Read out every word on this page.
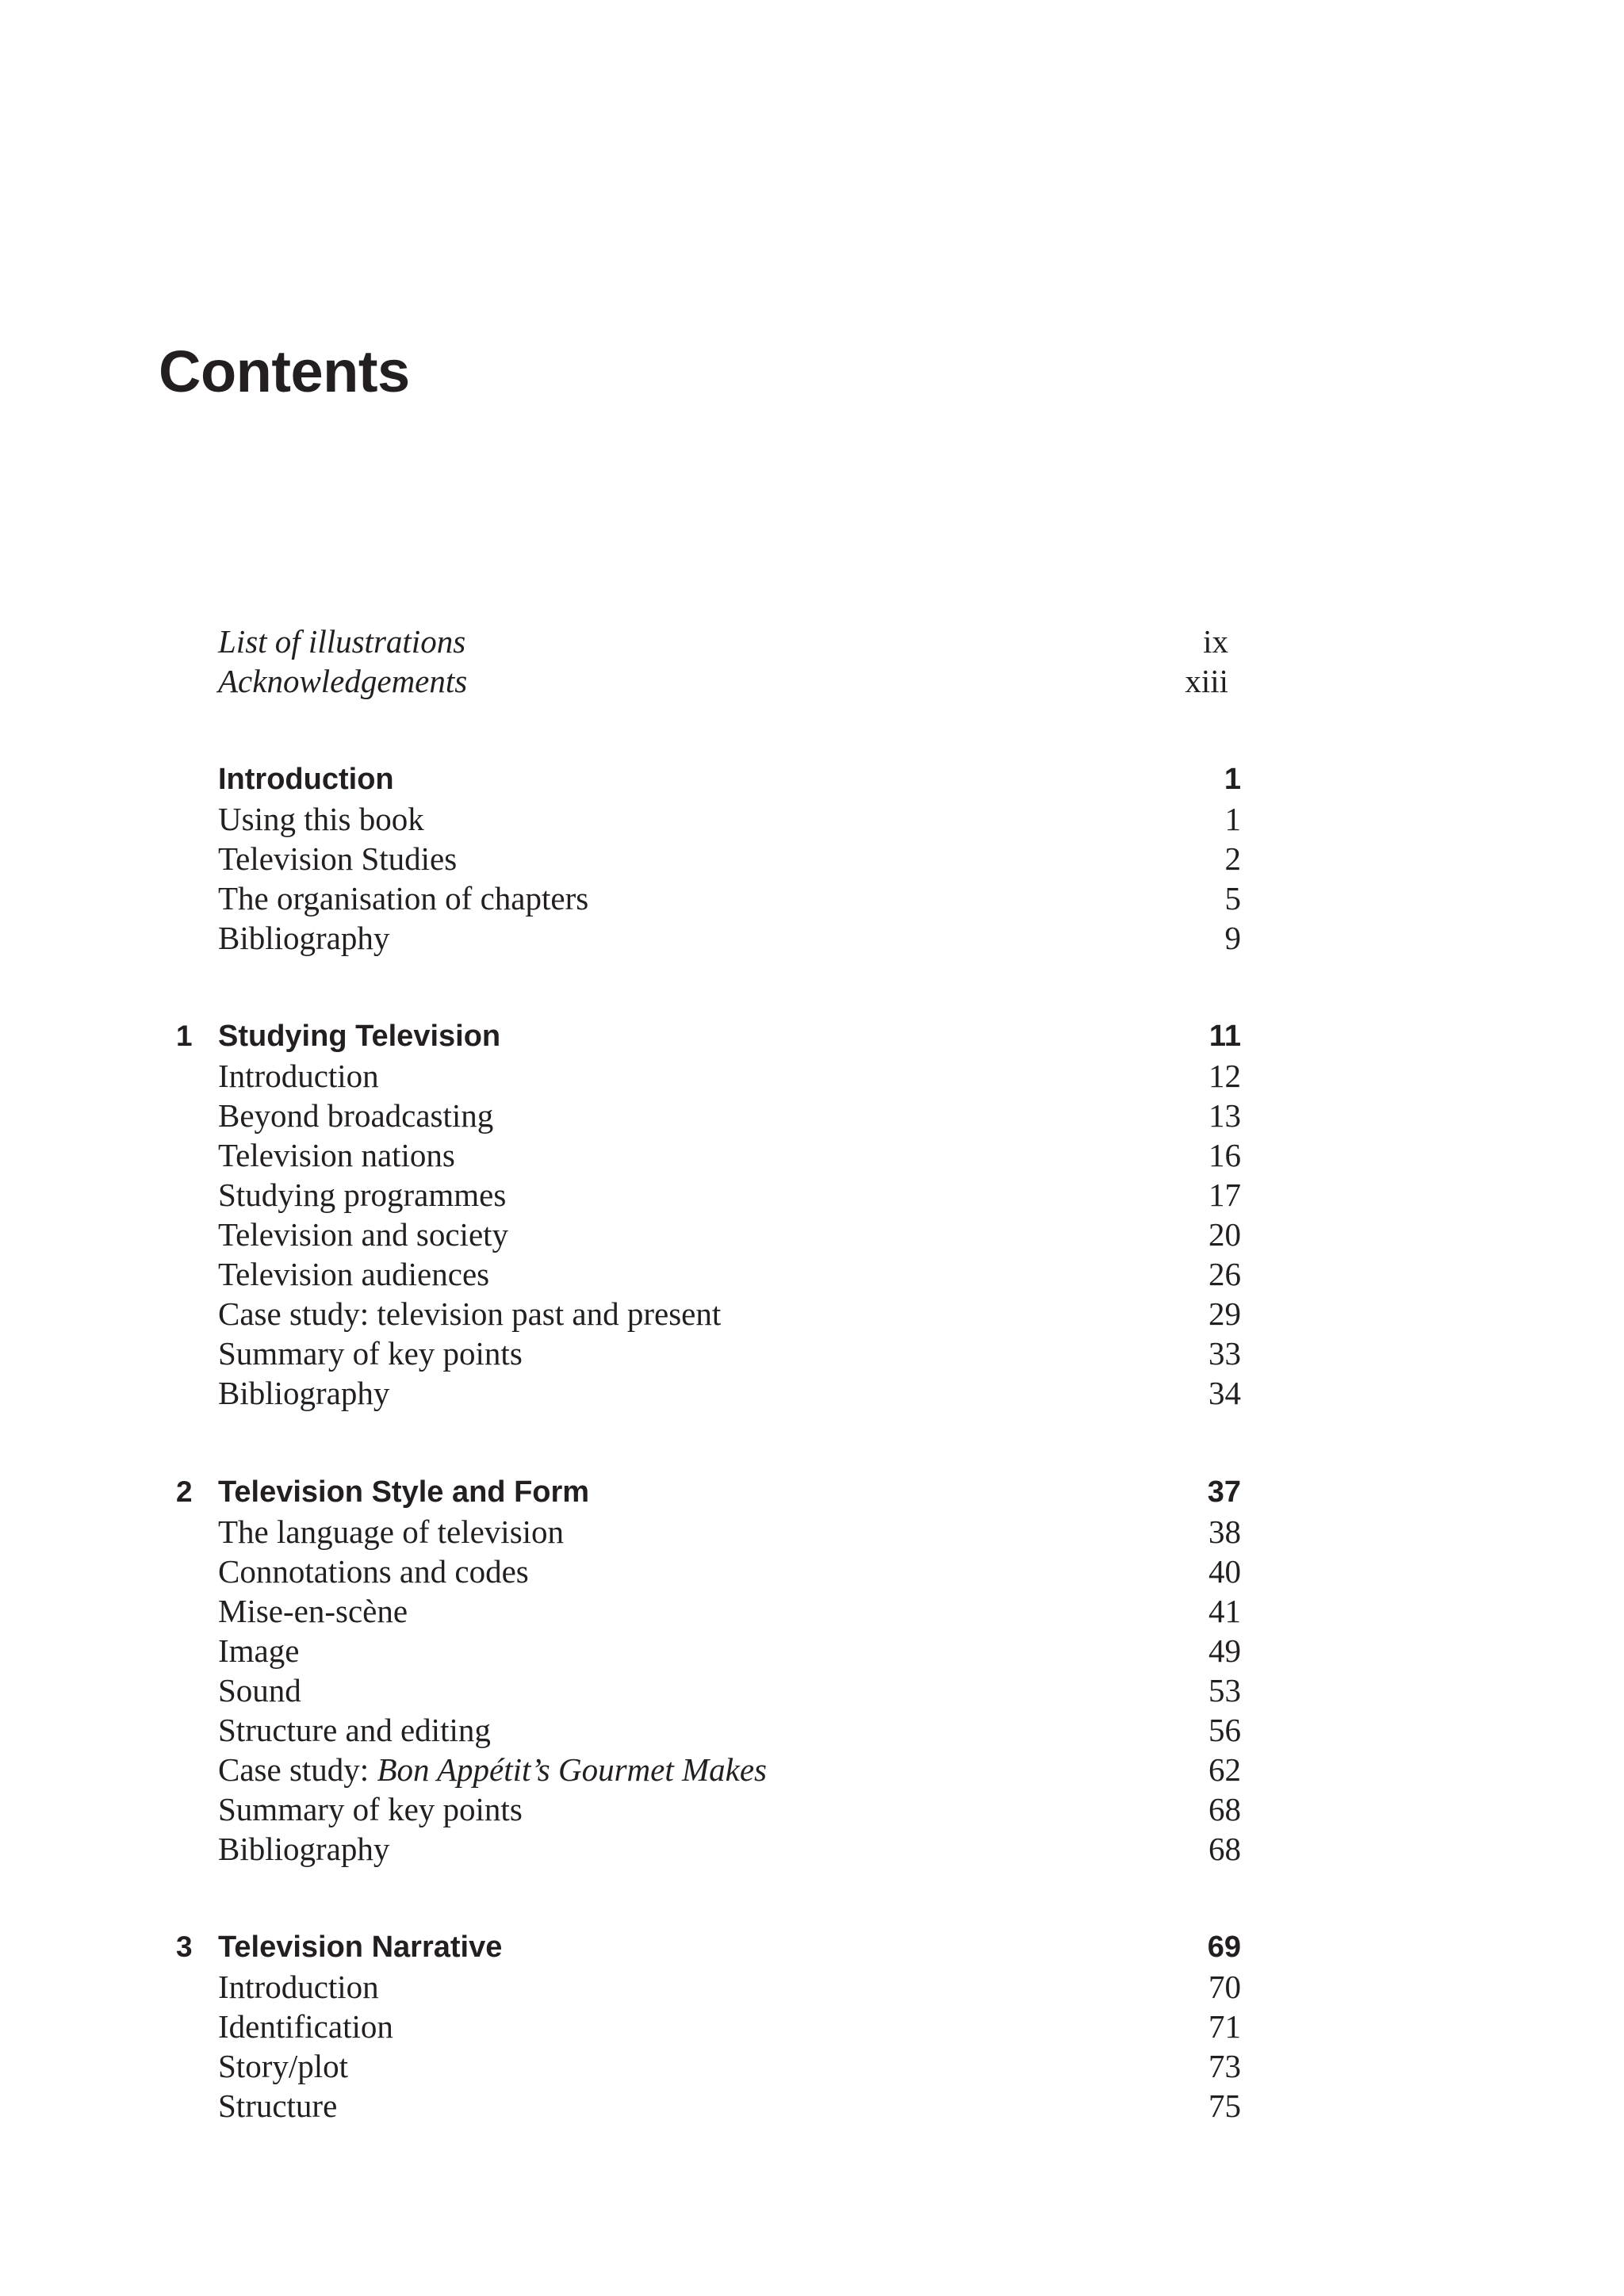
Contents
List of illustrations	ix
Acknowledgements	xiii
Introduction	1
Using this book	1
Television Studies	2
The organisation of chapters	5
Bibliography	9
1 Studying Television	11
Introduction	12
Beyond broadcasting	13
Television nations	16
Studying programmes	17
Television and society	20
Television audiences	26
Case study: television past and present	29
Summary of key points	33
Bibliography	34
2 Television Style and Form	37
The language of television	38
Connotations and codes	40
Mise-en-scène	41
Image	49
Sound	53
Structure and editing	56
Case study: Bon Appétit’s Gourmet Makes	62
Summary of key points	68
Bibliography	68
3 Television Narrative	69
Introduction	70
Identification	71
Story/plot	73
Structure	75
